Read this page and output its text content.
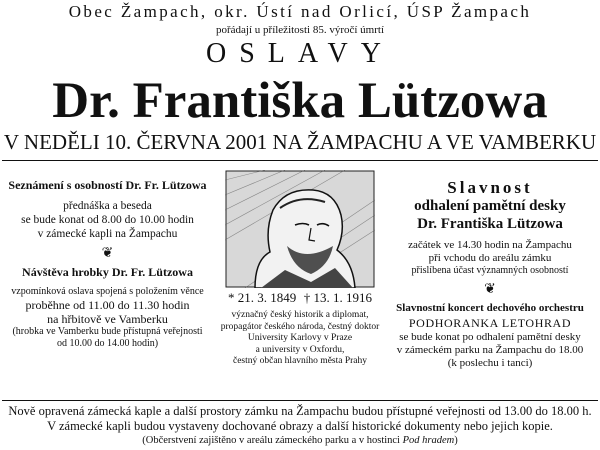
Obec Žampach, okr. Ústí nad Orlicí, ÚSP Žampach
pořádají u příležitosti 85. výročí úmrtí
OSLAVY
Dr. Františka Lützowa
V NEDĚLI 10. ČERVNA 2001 NA ŽAMPACHU A VE VAMBERKU
Seznámení s osobností Dr. Fr. Lützowa
přednáška a beseda
se bude konat od 8.00 do 10.00 hodin
v zámecké kapli na Žampachu
❦
Návštěva hrobky Dr. Fr. Lützowa
vzpomínková oslava spojená s položením věnce
proběhne od 11.00 do 11.30 hodin
na hřbitově ve Vamberku
(hrobka ve Vamberku bude přístupná veřejnosti
od 10.00 do 14.00 hodin)
* 21. 3. 1849 † 13. 1. 1916
význačný český historik a diplomat,
propagátor českého národa, čestný doktor
University Karlovy v Praze
a university v Oxfordu,
čestný občan hlavního města Prahy
Slavnost
odhalení pamětní desky
Dr. Františka Lützowa
začátek ve 14.30 hodin na Žampachu
při vchodu do areálu zámku
přislíbena účast významných osobností
❦
Slavnostní koncert dechového orchestru
PODHORANKA LETOHRAD
se bude konat po odhalení pamětní desky
v zámeckém parku na Žampachu do 18.00
(k poslechu i tanci)
Nově opravená zámecká kaple a další prostory zámku na Žampachu budou přístupné veřejnosti od 13.00 do 18.00 h.
V zámecké kapli budou vystaveny dochované obrazy a další historické dokumenty nebo jejich kopie.
(Občerstvení zajištěno v areálu zámeckého parku a v hostinci Pod hradem)
